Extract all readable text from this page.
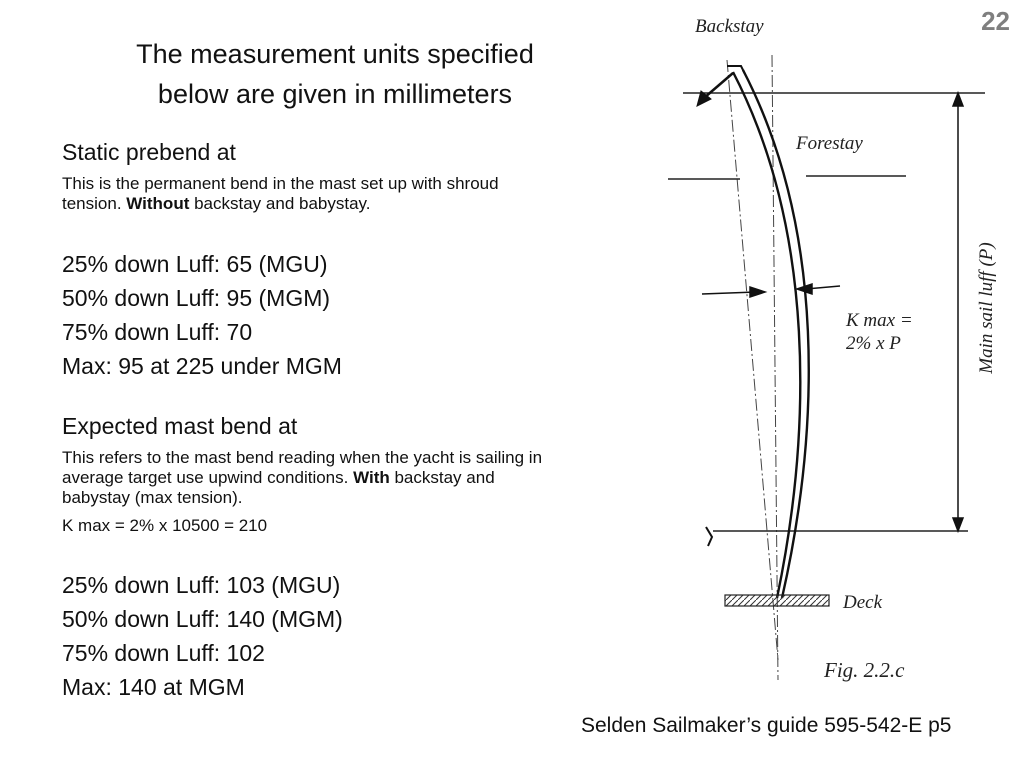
22
The measurement units specified
below are given in millimeters
Static prebend at
This is the permanent bend in the mast set up with shroud tension. Without backstay and babystay.
25% down Luff: 65 (MGU)
50% down Luff: 95 (MGM)
75% down Luff: 70
Max: 95 at 225 under MGM
Expected mast bend at
This refers to the mast bend reading when the yacht is sailing in average target use upwind conditions. With backstay and babystay (max tension).
K max = 2% x 10500 = 210
25% down Luff: 103 (MGU)
50% down Luff: 140 (MGM)
75% down Luff: 102
Max: 140 at MGM
Backstay
Forestay
K max =
2% x P	Main sail luff (P)
Deck
Fig. 2.2.c
Selden Sailmaker’s guide 595-542-E p5
